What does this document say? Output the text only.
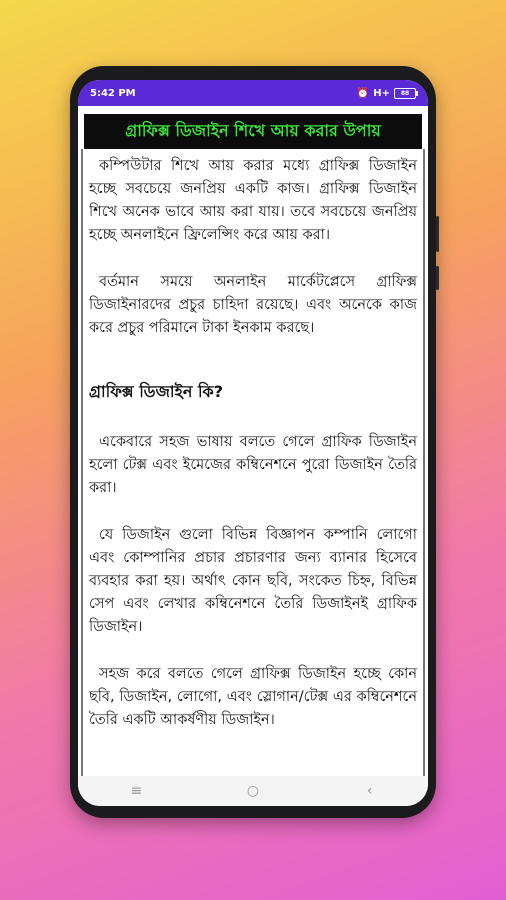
5:42 PM	⏰ H+	88
গ্রাফিক্স ডিজাইন শিখে আয় করার উপায়

কম্পিউটার শিখে আয় করার মধ্যে গ্রাফিক্স ডিজাইন হচ্ছে সবচেয়ে জনপ্রিয় একটি কাজ। গ্রাফিক্স ডিজাইন শিখে অনেক ভাবে আয় করা যায়। তবে সবচেয়ে জনপ্রিয় হচ্ছে অনলাইনে ফ্রিলেন্সিং করে আয় করা।

বর্তমান সময়ে অনলাইন মার্কেটপ্লেসে গ্রাফিক্স ডিজাইনারদের প্রচুর চাহিদা রয়েছে। এবং অনেকে কাজ করে প্রচুর পরিমানে টাকা ইনকাম করছে।

গ্রাফিক্স ডিজাইন কি?

একেবারে সহজ ভাষায় বলতে গেলে গ্রাফিক ডিজাইন হলো টেক্স এবং ইমেজের কম্বিনেশনে পুরো ডিজাইন তৈরি করা।

যে ডিজাইন গুলো বিভিন্ন বিজ্ঞাপন কম্পানি লোগো এবং কোম্পানির প্রচার প্রচারণার জন্য ব্যানার হিসেবে ব্যবহার করা হয়। অর্থাৎ কোন ছবি, সংকেত চিহ্ন, বিভিন্ন সেপ এবং লেখার কম্বিনেশনে তৈরি ডিজাইনই গ্রাফিক ডিজাইন।

সহজ করে বলতে গেলে গ্রাফিক্স ডিজাইন হচ্ছে কোন ছবি, ডিজাইন, লোগো, এবং স্লোগান/টেক্স এর কম্বিনেশনে তৈরি একটি আকর্ষণীয় ডিজাইন।

≡	○	‹
